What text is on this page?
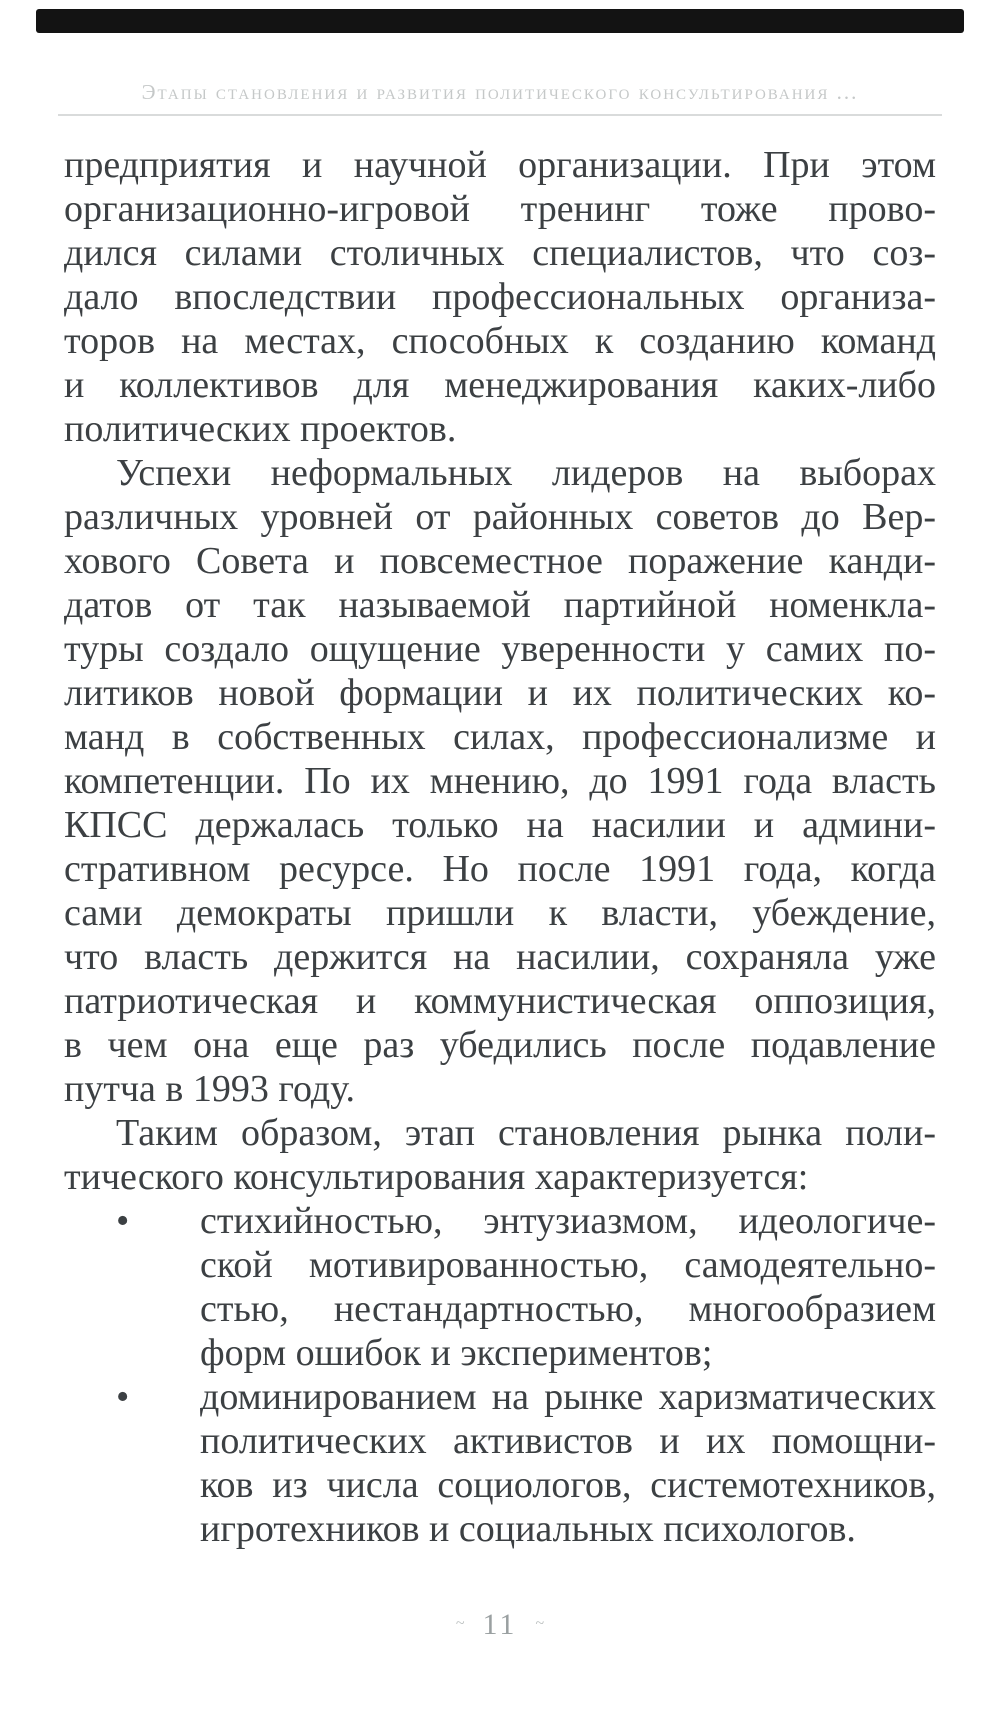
Этапы становления и развития политического консультирования ...
предприятия и научной организации. При этом
организационно-игровой тренинг тоже прово-
дился силами столичных специалистов, что соз-
дало впоследствии профессиональных организа-
торов на местах, способных к созданию команд
и коллективов для менеджирования каких-либо
политических проектов.
Успехи неформальных лидеров на выборах
различных уровней от районных советов до Вер-
хового Совета и повсеместное поражение канди-
датов от так называемой партийной номенкла-
туры создало ощущение уверенности у самих по-
литиков новой формации и их политических ко-
манд в собственных силах, профессионализме и
компетенции. По их мнению, до 1991 года власть
КПСС держалась только на насилии и админи-
стративном ресурсе. Но после 1991 года, когда
сами демократы пришли к власти, убеждение,
что власть держится на насилии, сохраняла уже
патриотическая и коммунистическая оппозиция,
в чем она еще раз убедились после подавление
путча в 1993 году.
Таким образом, этап становления рынка поли-
тического консультирования характеризуется:
• стихийностью, энтузиазмом, идеологиче-
ской мотивированностью, самодеятельно-
стью, нестандартностью, многообразием
форм ошибок и экспериментов;
• доминированием на рынке харизматических
политических активистов и их помощни-
ков из числа социологов, системотехников,
игротехников и социальных психологов.
~ 11 ~
